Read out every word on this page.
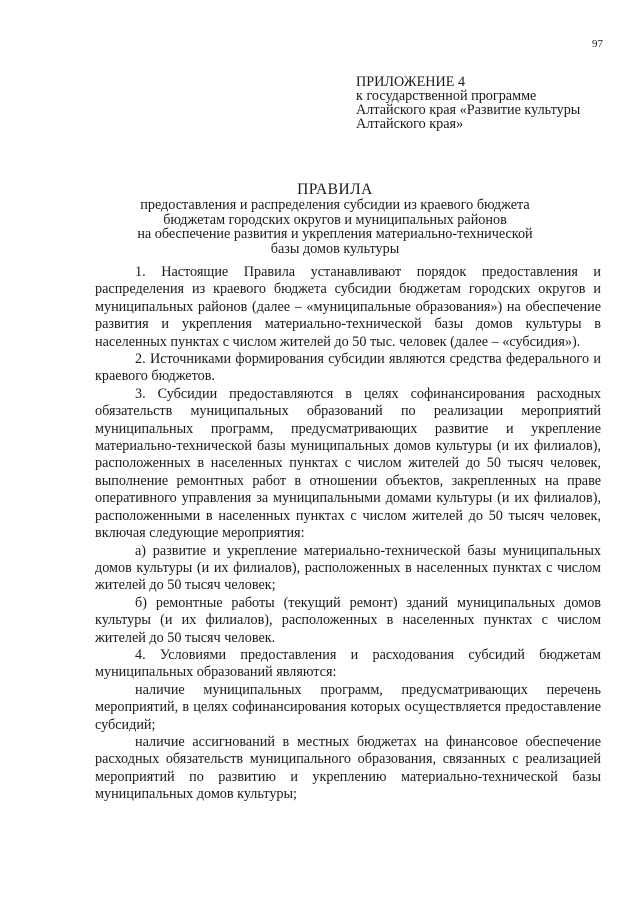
97
ПРИЛОЖЕНИЕ 4
к государственной программе
Алтайского края «Развитие культуры
Алтайского края»
ПРАВИЛА
предоставления и распределения субсидии из краевого бюджета
бюджетам городских округов и муниципальных районов
на обеспечение развития и укрепления материально-технической
базы домов культуры

1. Настоящие Правила устанавливают порядок предоставления и распределения из краевого бюджета субсидии бюджетам городских округов и муниципальных районов (далее – «муниципальные образования») на обеспечение развития и укрепления материально-технической базы домов культуры в населенных пунктах с числом жителей до 50 тыс. человек (далее – «субсидия»).

2. Источниками формирования субсидии являются средства федерального и краевого бюджетов.

3. Субсидии предоставляются в целях софинансирования расходных обязательств муниципальных образований по реализации мероприятий муниципальных программ, предусматривающих развитие и укрепление материально-технической базы муниципальных домов культуры (и их филиалов), расположенных в населенных пунктах с числом жителей до 50 тысяч человек, выполнение ремонтных работ в отношении объектов, закрепленных на праве оперативного управления за муниципальными домами культуры (и их филиалов), расположенными в населенных пунктах с числом жителей до 50 тысяч человек, включая следующие мероприятия:

а) развитие и укрепление материально-технической базы муниципальных домов культуры (и их филиалов), расположенных в населенных пунктах с числом жителей до 50 тысяч человек;

б) ремонтные работы (текущий ремонт) зданий муниципальных домов культуры (и их филиалов), расположенных в населенных пунктах с числом жителей до 50 тысяч человек.

4. Условиями предоставления и расходования субсидий бюджетам муниципальных образований являются:

наличие муниципальных программ, предусматривающих перечень мероприятий, в целях софинансирования которых осуществляется предоставление субсидий;

наличие ассигнований в местных бюджетах на финансовое обеспечение расходных обязательств муниципального образования, связанных с реализацией мероприятий по развитию и укреплению материально-технической базы муниципальных домов культуры;
